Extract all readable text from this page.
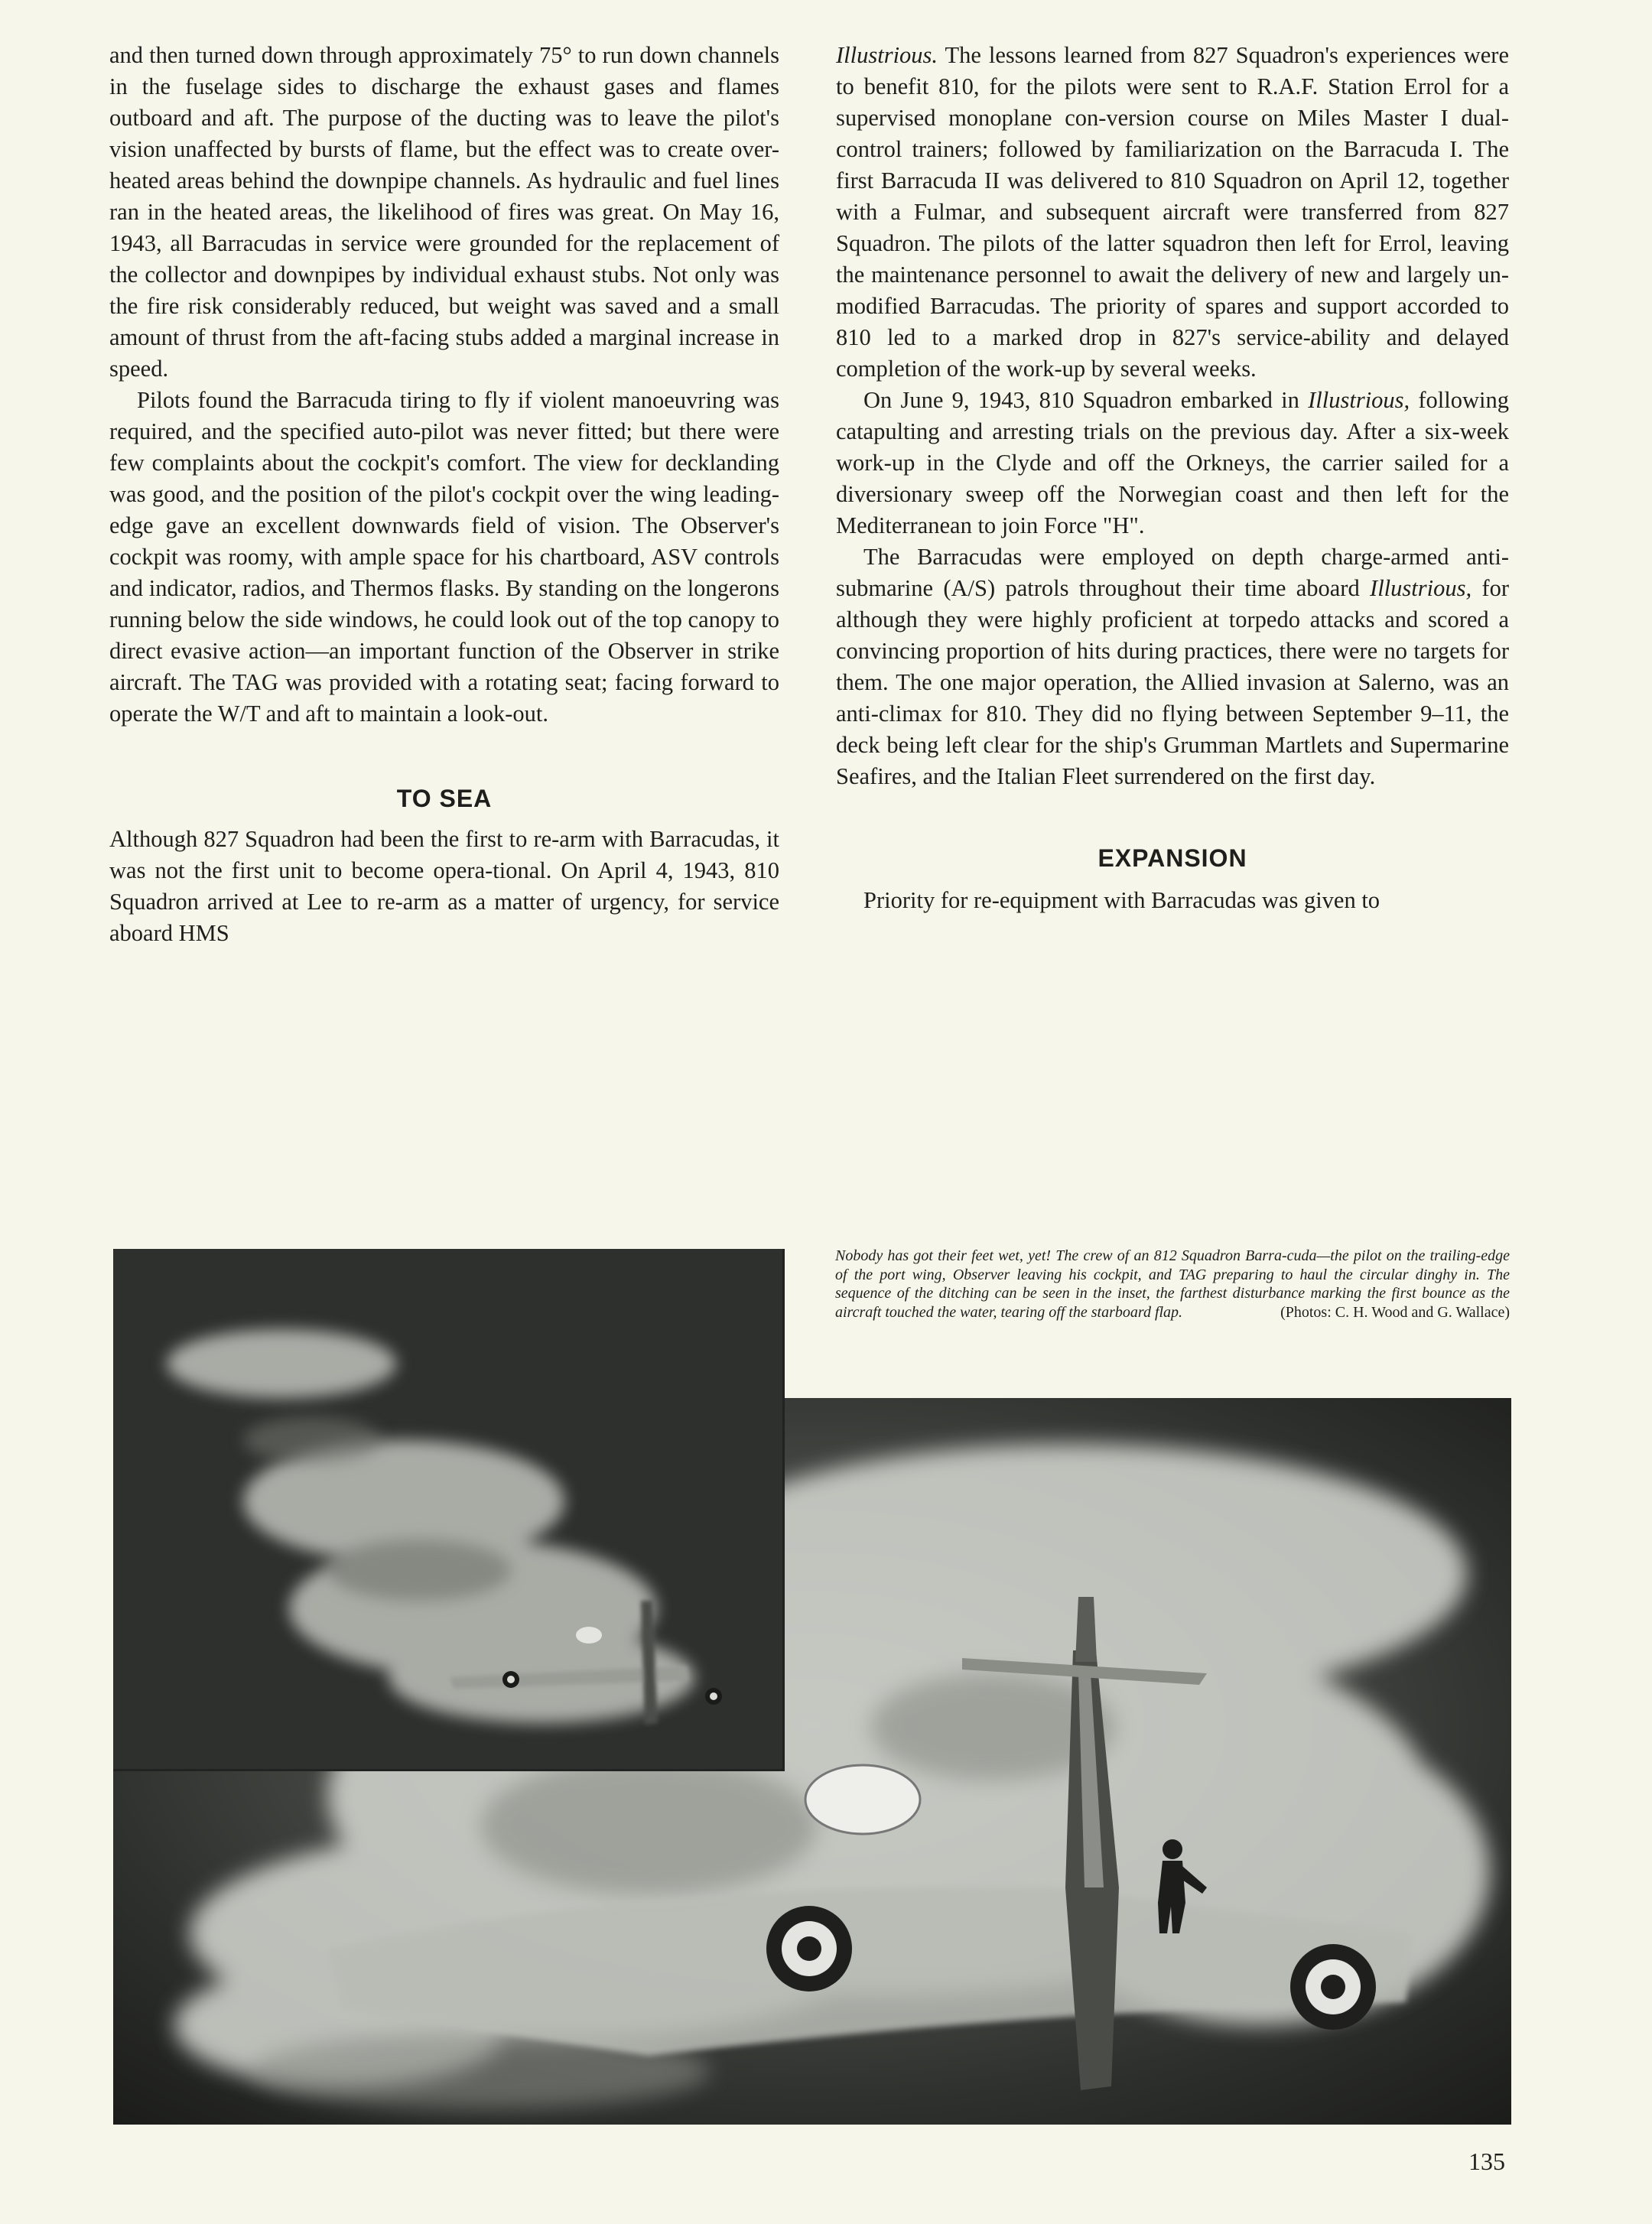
and then turned down through approximately 75° to run down channels in the fuselage sides to discharge the exhaust gases and flames outboard and aft. The purpose of the ducting was to leave the pilot's vision unaffected by bursts of flame, but the effect was to create over-heated areas behind the downpipe channels. As hydraulic and fuel lines ran in the heated areas, the likelihood of fires was great. On May 16, 1943, all Barracudas in service were grounded for the replacement of the collector and downpipes by individual exhaust stubs. Not only was the fire risk considerably reduced, but weight was saved and a small amount of thrust from the aft-facing stubs added a marginal increase in speed.

Pilots found the Barracuda tiring to fly if violent manoeuvring was required, and the specified auto-pilot was never fitted; but there were few complaints about the cockpit's comfort. The view for decklanding was good, and the position of the pilot's cockpit over the wing leading-edge gave an excellent downwards field of vision. The Observer's cockpit was roomy, with ample space for his chartboard, ASV controls and indicator, radios, and Thermos flasks. By standing on the longerons running below the side windows, he could look out of the top canopy to direct evasive action—an important function of the Observer in strike aircraft. The TAG was provided with a rotating seat; facing forward to operate the W/T and aft to maintain a look-out.

TO SEA

Although 827 Squadron had been the first to re-arm with Barracudas, it was not the first unit to become opera-tional. On April 4, 1943, 810 Squadron arrived at Lee to re-arm as a matter of urgency, for service aboard HMS

Illustrious. The lessons learned from 827 Squadron's experiences were to benefit 810, for the pilots were sent to R.A.F. Station Errol for a supervised monoplane con-version course on Miles Master I dual-control trainers; followed by familiarization on the Barracuda I. The first Barracuda II was delivered to 810 Squadron on April 12, together with a Fulmar, and subsequent aircraft were transferred from 827 Squadron. The pilots of the latter squadron then left for Errol, leaving the maintenance personnel to await the delivery of new and largely un-modified Barracudas. The priority of spares and support accorded to 810 led to a marked drop in 827's service-ability and delayed completion of the work-up by several weeks.

On June 9, 1943, 810 Squadron embarked in Illustrious, following catapulting and arresting trials on the previous day. After a six-week work-up in the Clyde and off the Orkneys, the carrier sailed for a diversionary sweep off the Norwegian coast and then left for the Mediterranean to join Force "H".

The Barracudas were employed on depth charge-armed anti-submarine (A/S) patrols throughout their time aboard Illustrious, for although they were highly proficient at torpedo attacks and scored a convincing proportion of hits during practices, there were no targets for them. The one major operation, the Allied invasion at Salerno, was an anti-climax for 810. They did no flying between September 9–11, the deck being left clear for the ship's Grumman Martlets and Supermarine Seafires, and the Italian Fleet surrendered on the first day.

EXPANSION

Priority for re-equipment with Barracudas was given to

Nobody has got their feet wet, yet! The crew of an 812 Squadron Barra-cuda—the pilot on the trailing-edge of the port wing, Observer leaving his cockpit, and TAG preparing to haul the circular dinghy in. The sequence of the ditching can be seen in the inset, the farthest disturbance marking the first bounce as the aircraft touched the water, tearing off the starboard flap.	(Photos: C. H. Wood and G. Wallace)
135
